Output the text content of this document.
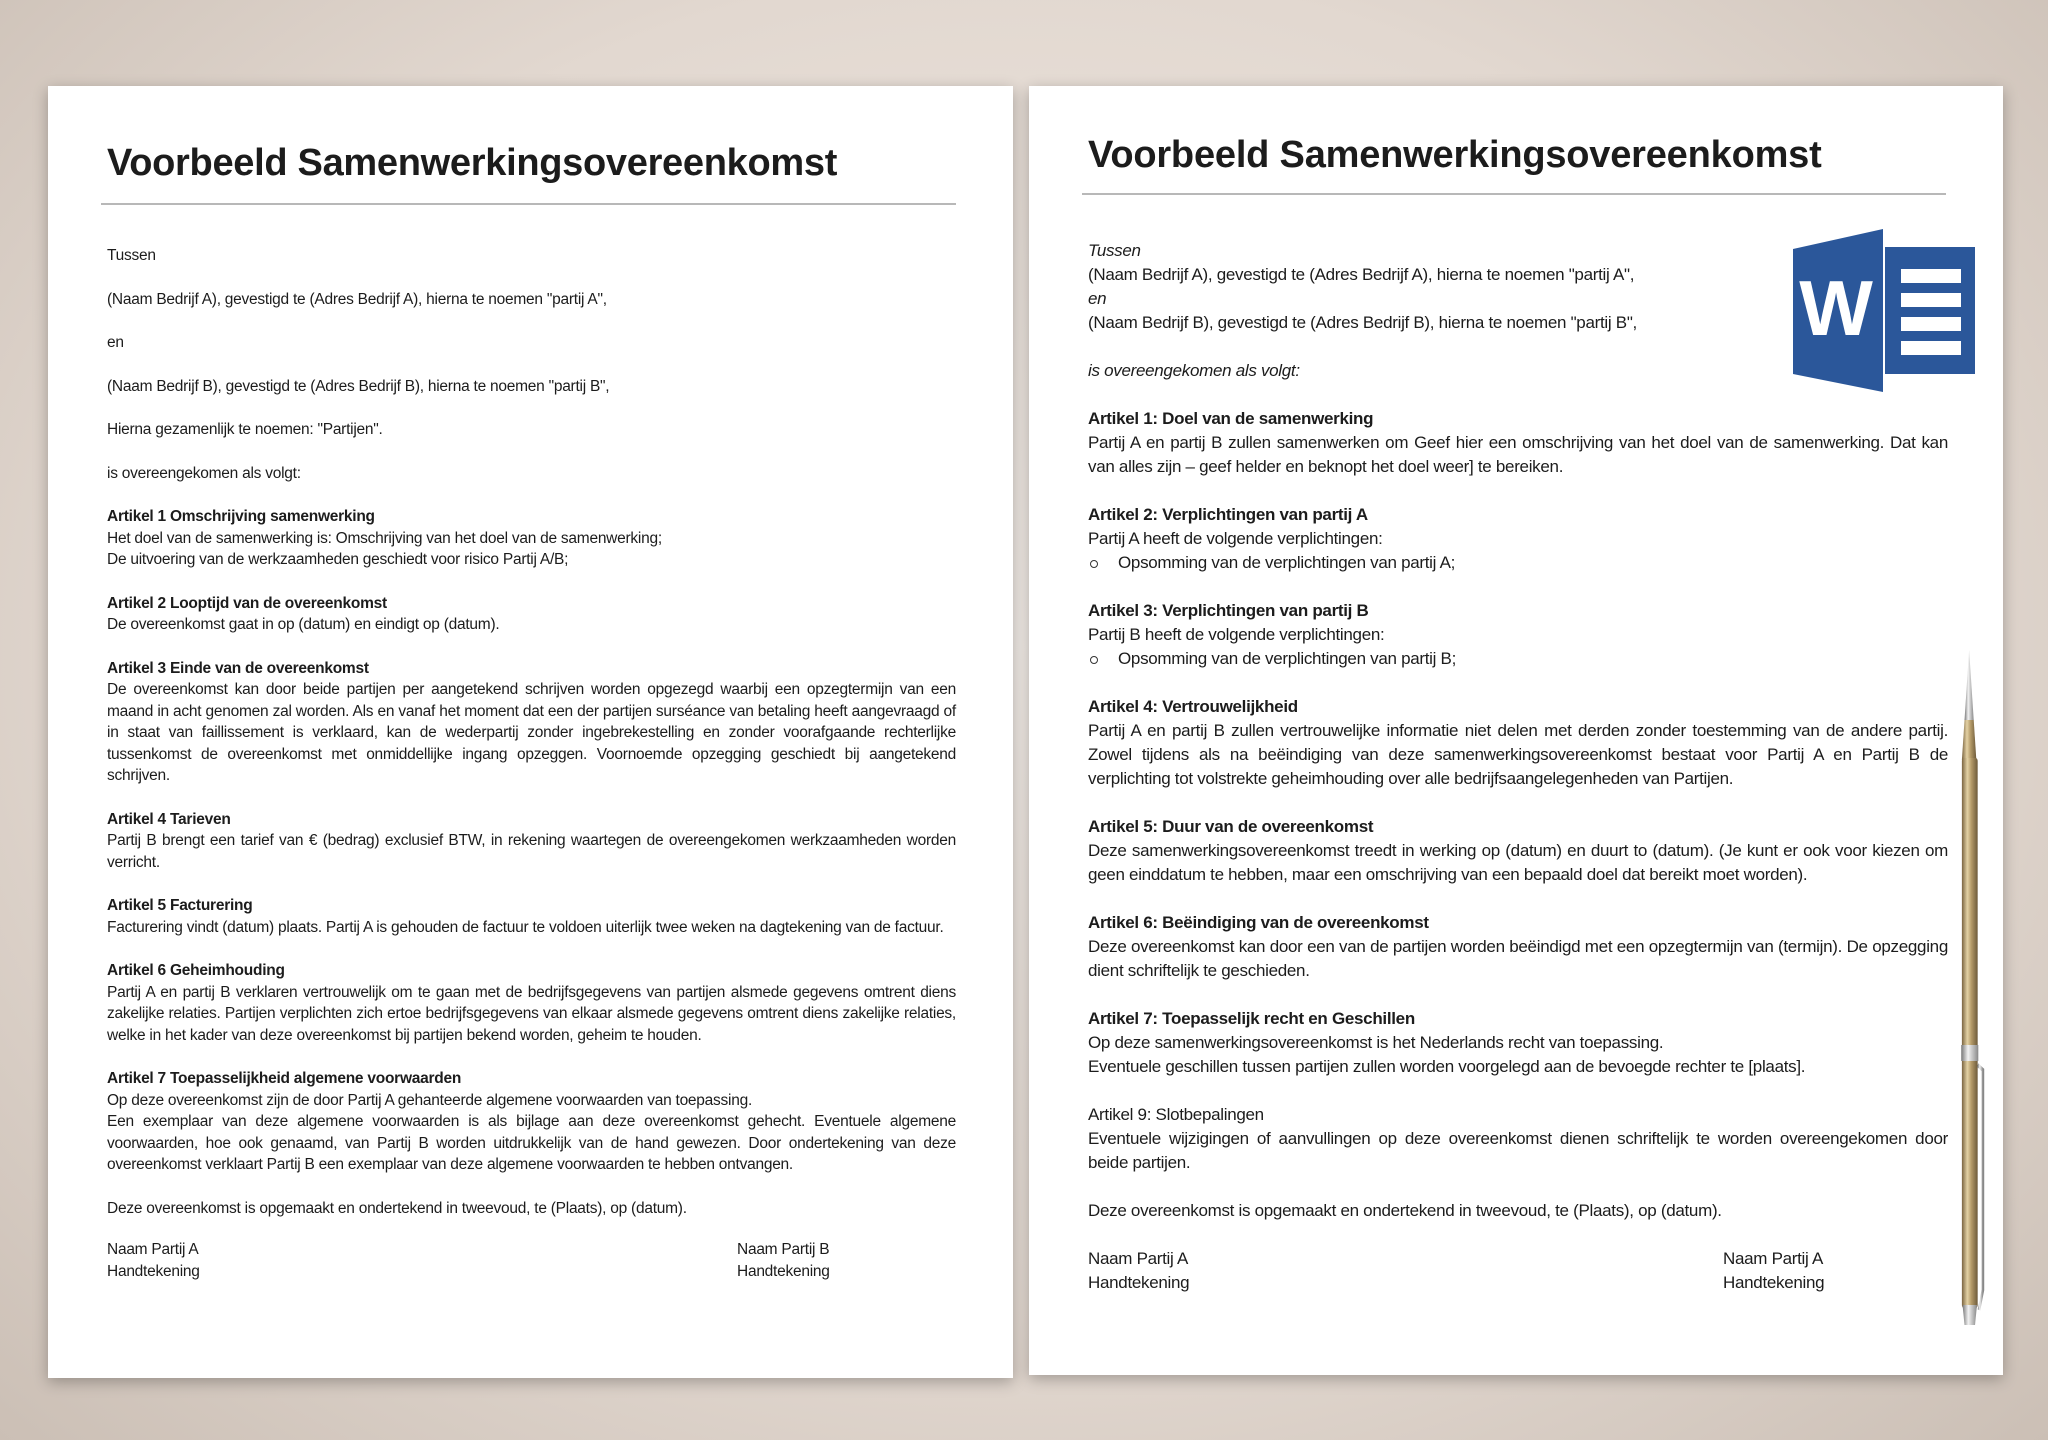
Voorbeeld Samenwerkingsovereenkomst

Tussen

(Naam Bedrijf A), gevestigd te (Adres Bedrijf A), hierna te noemen "partij A",

en

(Naam Bedrijf B), gevestigd te (Adres Bedrijf B), hierna te noemen "partij B",

Hierna gezamenlijk te noemen: "Partijen".

is overeengekomen als volgt:

Artikel 1 Omschrijving samenwerking
Het doel van de samenwerking is: Omschrijving van het doel van de samenwerking;
De uitvoering van de werkzaamheden geschiedt voor risico Partij A/B;

Artikel 2 Looptijd van de overeenkomst
De overeenkomst gaat in op (datum) en eindigt op (datum).

Artikel 3 Einde van de overeenkomst
De overeenkomst kan door beide partijen per aangetekend schrijven worden opgezegd waarbij een opzegtermijn van een maand in acht genomen zal worden. Als en vanaf het moment dat een der partijen surséance van betaling heeft aangevraagd of in staat van faillissement is verklaard, kan de wederpartij zonder ingebrekestelling en zonder voorafgaande rechterlijke tussenkomst de overeenkomst met onmiddellijke ingang opzeggen. Voornoemde opzegging geschiedt bij aangetekend schrijven.

Artikel 4 Tarieven
Partij B brengt een tarief van € (bedrag) exclusief BTW, in rekening waartegen de overeengekomen werkzaamheden worden verricht.

Artikel 5 Facturering
Facturering vindt (datum) plaats. Partij A is gehouden de factuur te voldoen uiterlijk twee weken na dagtekening van de factuur.

Artikel 6 Geheimhouding
Partij A en partij B verklaren vertrouwelijk om te gaan met de bedrijfsgegevens van partijen alsmede gegevens omtrent diens zakelijke relaties. Partijen verplichten zich ertoe bedrijfsgegevens van elkaar alsmede gegevens omtrent diens zakelijke relaties, welke in het kader van deze overeenkomst bij partijen bekend worden, geheim te houden.

Artikel 7 Toepasselijkheid algemene voorwaarden
Op deze overeenkomst zijn de door Partij A gehanteerde algemene voorwaarden van toepassing.
Een exemplaar van deze algemene voorwaarden is als bijlage aan deze overeenkomst gehecht. Eventuele algemene voorwaarden, hoe ook genaamd, van Partij B worden uitdrukkelijk van de hand gewezen. Door ondertekening van deze overeenkomst verklaart Partij B een exemplaar van deze algemene voorwaarden te hebben ontvangen.

Deze overeenkomst is opgemaakt en ondertekend in tweevoud, te (Plaats), op (datum).

Naam Partij A
Handtekening
Naam Partij B
Handtekening
Voorbeeld Samenwerkingsovereenkomst

Tussen
(Naam Bedrijf A), gevestigd te (Adres Bedrijf A), hierna te noemen "partij A",
en
(Naam Bedrijf B), gevestigd te (Adres Bedrijf B), hierna te noemen "partij B",

is overeengekomen als volgt:

Artikel 1: Doel van de samenwerking
Partij A en partij B zullen samenwerken om Geef hier een omschrijving van het doel van de samenwerking. Dat kan van alles zijn – geef helder en beknopt het doel weer] te bereiken.

Artikel 2: Verplichtingen van partij A
Partij A heeft de volgende verplichtingen:
Opsomming van de verplichtingen van partij A;

Artikel 3: Verplichtingen van partij B
Partij B heeft de volgende verplichtingen:
Opsomming van de verplichtingen van partij B;

Artikel 4: Vertrouwelijkheid
Partij A en partij B zullen vertrouwelijke informatie niet delen met derden zonder toestemming van de andere partij. Zowel tijdens als na beëindiging van deze samenwerkingsovereenkomst bestaat voor Partij A en Partij B de verplichting tot volstrekte geheimhouding over alle bedrijfsaangelegenheden van Partijen.

Artikel 5: Duur van de overeenkomst
Deze samenwerkingsovereenkomst treedt in werking op (datum) en duurt to (datum). (Je kunt er ook voor kiezen om geen einddatum te hebben, maar een omschrijving van een bepaald doel dat bereikt moet worden).

Artikel 6: Beëindiging van de overeenkomst
Deze overeenkomst kan door een van de partijen worden beëindigd met een opzegtermijn van (termijn). De opzegging dient schriftelijk te geschieden.

Artikel 7: Toepasselijk recht en Geschillen
Op deze samenwerkingsovereenkomst is het Nederlands recht van toepassing.
Eventuele geschillen tussen partijen zullen worden voorgelegd aan de bevoegde rechter te [plaats].

Artikel 9: Slotbepalingen
Eventuele wijzigingen of aanvullingen op deze overeenkomst dienen schriftelijk te worden overeengekomen door beide partijen.

Deze overeenkomst is opgemaakt en ondertekend in tweevoud, te (Plaats), op (datum).

Naam Partij A
Handtekening
Naam Partij A
Handtekening
W
